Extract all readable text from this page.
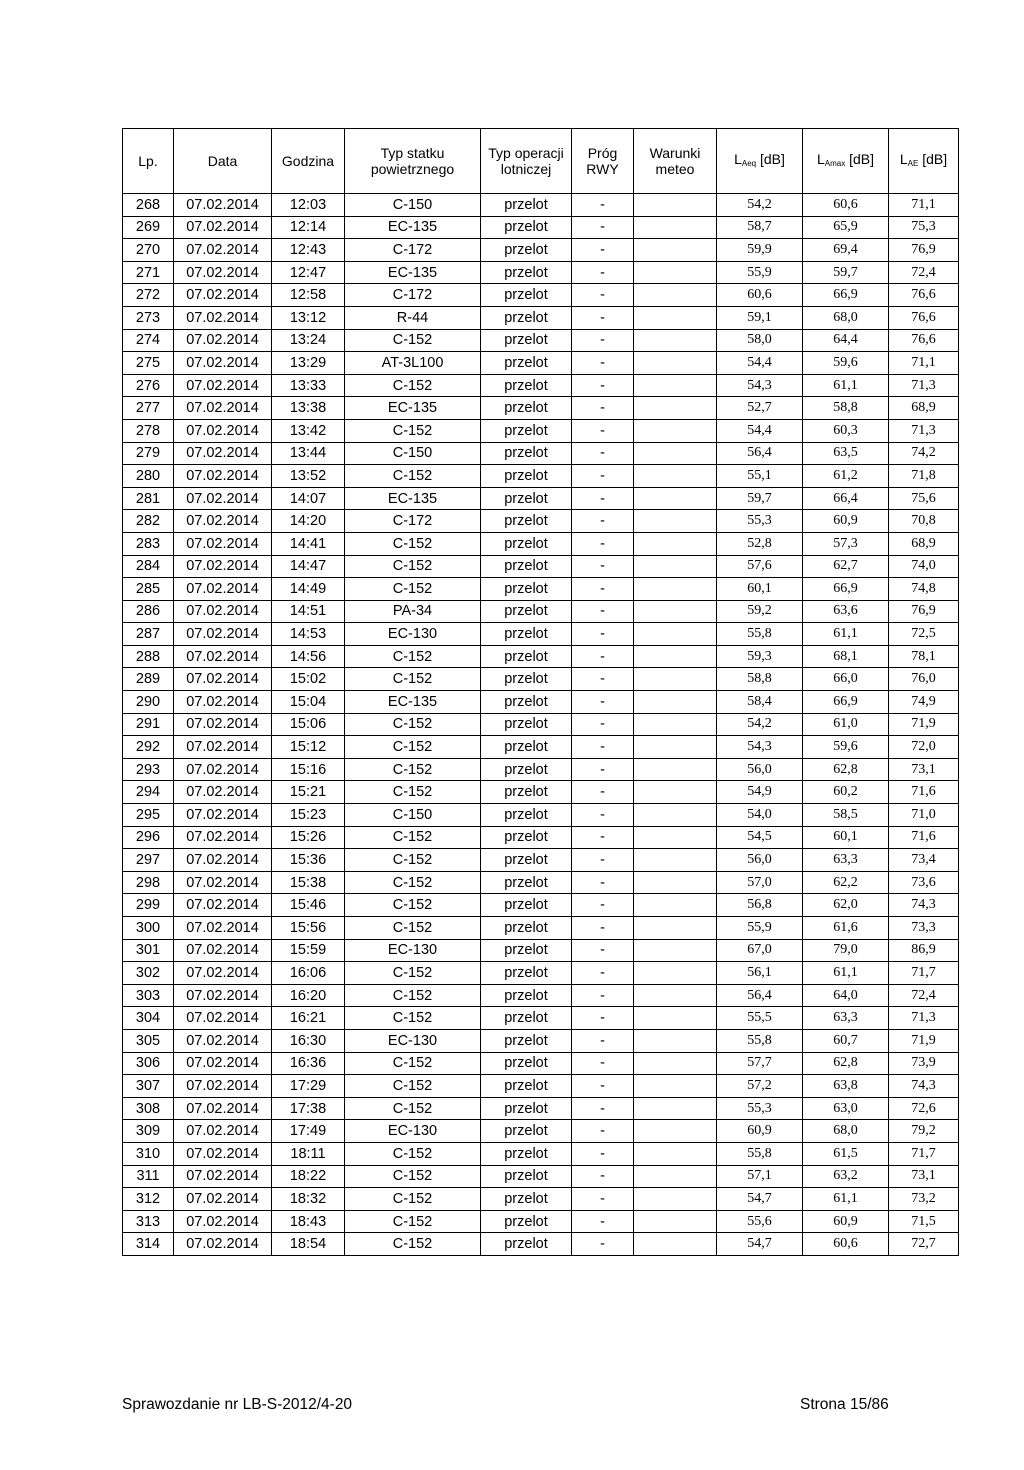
Lp.	Data	Godzina	Typ statku powietrznego	Typ operacji lotniczej	Próg RWY	Warunki meteo	$L_{Aeq}$ [dB]	$L_{Amax}$ [dB]	$L_{AE}$ [dB]
268	07.02.2014	12:03	C-150	przelot	-		54,2	60,6	71,1
269	07.02.2014	12:14	EC-135	przelot	-		58,7	65,9	75,3
270	07.02.2014	12:43	C-172	przelot	-		59,9	69,4	76,9
271	07.02.2014	12:47	EC-135	przelot	-		55,9	59,7	72,4
272	07.02.2014	12:58	C-172	przelot	-		60,6	66,9	76,6
273	07.02.2014	13:12	R-44	przelot	-		59,1	68,0	76,6
274	07.02.2014	13:24	C-152	przelot	-		58,0	64,4	76,6
275	07.02.2014	13:29	AT-3L100	przelot	-		54,4	59,6	71,1
276	07.02.2014	13:33	C-152	przelot	-		54,3	61,1	71,3
277	07.02.2014	13:38	EC-135	przelot	-		52,7	58,8	68,9
278	07.02.2014	13:42	C-152	przelot	-		54,4	60,3	71,3
279	07.02.2014	13:44	C-150	przelot	-		56,4	63,5	74,2
280	07.02.2014	13:52	C-152	przelot	-		55,1	61,2	71,8
281	07.02.2014	14:07	EC-135	przelot	-		59,7	66,4	75,6
282	07.02.2014	14:20	C-172	przelot	-		55,3	60,9	70,8
283	07.02.2014	14:41	C-152	przelot	-		52,8	57,3	68,9
284	07.02.2014	14:47	C-152	przelot	-		57,6	62,7	74,0
285	07.02.2014	14:49	C-152	przelot	-		60,1	66,9	74,8
286	07.02.2014	14:51	PA-34	przelot	-		59,2	63,6	76,9
287	07.02.2014	14:53	EC-130	przelot	-		55,8	61,1	72,5
288	07.02.2014	14:56	C-152	przelot	-		59,3	68,1	78,1
289	07.02.2014	15:02	C-152	przelot	-		58,8	66,0	76,0
290	07.02.2014	15:04	EC-135	przelot	-		58,4	66,9	74,9
291	07.02.2014	15:06	C-152	przelot	-		54,2	61,0	71,9
292	07.02.2014	15:12	C-152	przelot	-		54,3	59,6	72,0
293	07.02.2014	15:16	C-152	przelot	-		56,0	62,8	73,1
294	07.02.2014	15:21	C-152	przelot	-		54,9	60,2	71,6
295	07.02.2014	15:23	C-150	przelot	-		54,0	58,5	71,0
296	07.02.2014	15:26	C-152	przelot	-		54,5	60,1	71,6
297	07.02.2014	15:36	C-152	przelot	-		56,0	63,3	73,4
298	07.02.2014	15:38	C-152	przelot	-		57,0	62,2	73,6
299	07.02.2014	15:46	C-152	przelot	-		56,8	62,0	74,3
300	07.02.2014	15:56	C-152	przelot	-		55,9	61,6	73,3
301	07.02.2014	15:59	EC-130	przelot	-		67,0	79,0	86,9
302	07.02.2014	16:06	C-152	przelot	-		56,1	61,1	71,7
303	07.02.2014	16:20	C-152	przelot	-		56,4	64,0	72,4
304	07.02.2014	16:21	C-152	przelot	-		55,5	63,3	71,3
305	07.02.2014	16:30	EC-130	przelot	-		55,8	60,7	71,9
306	07.02.2014	16:36	C-152	przelot	-		57,7	62,8	73,9
307	07.02.2014	17:29	C-152	przelot	-		57,2	63,8	74,3
308	07.02.2014	17:38	C-152	przelot	-		55,3	63,0	72,6
309	07.02.2014	17:49	EC-130	przelot	-		60,9	68,0	79,2
310	07.02.2014	18:11	C-152	przelot	-		55,8	61,5	71,7
311	07.02.2014	18:22	C-152	przelot	-		57,1	63,2	73,1
312	07.02.2014	18:32	C-152	przelot	-		54,7	61,1	73,2
313	07.02.2014	18:43	C-152	przelot	-		55,6	60,9	71,5
314	07.02.2014	18:54	C-152	przelot	-		54,7	60,6	72,7
Sprawozdanie nr LB-S-2012/4-20	Strona 15/86
